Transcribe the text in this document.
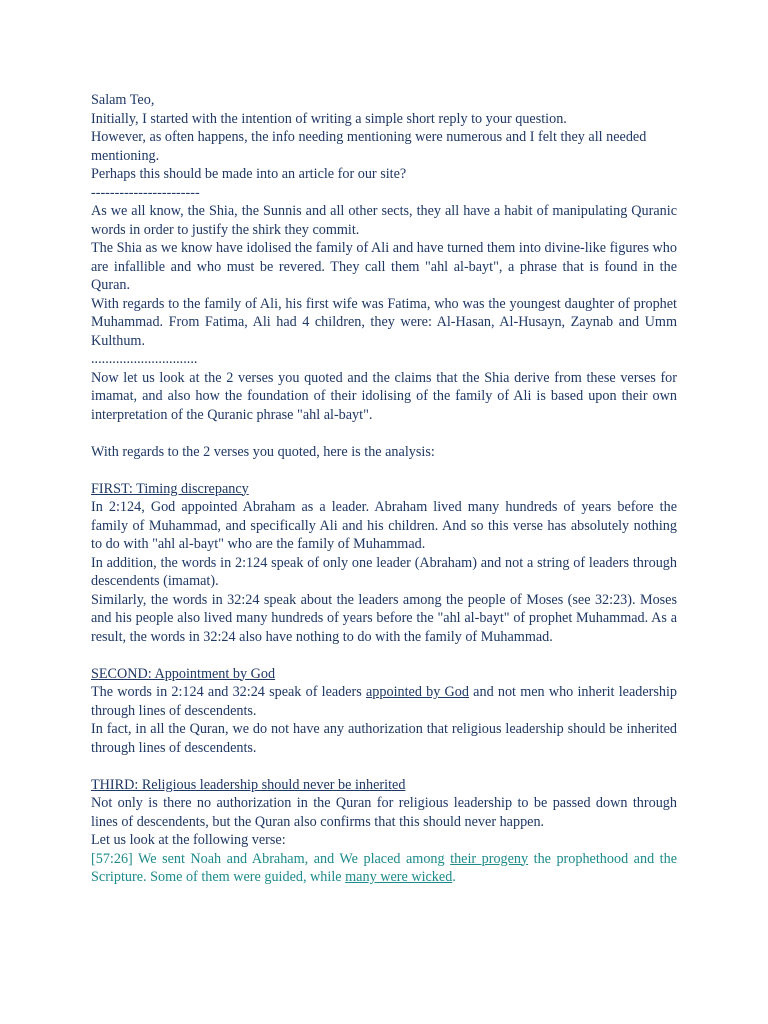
Salam Teo,

Initially, I started with the intention of writing a simple short reply to your question.

However, as often happens, the info needing mentioning were numerous and I felt they all needed mentioning.

Perhaps this should be made into an article for our site?

-----------------------

As we all know, the Shia, the Sunnis and all other sects, they all have a habit of manipulating Quranic words in order to justify the shirk they commit.

The Shia as we know have idolised the family of Ali and have turned them into divine-like figures who are infallible and who must be revered. They call them "ahl al-bayt", a phrase that is found in the Quran.

With regards to the family of Ali, his first wife was Fatima, who was the youngest daughter of prophet Muhammad. From Fatima, Ali had 4 children, they were: Al-Hasan, Al-Husayn, Zaynab and Umm Kulthum.

..............................

Now let us look at the 2 verses you quoted and the claims that the Shia derive from these verses for imamat, and also how the foundation of their idolising of the family of Ali is based upon their own interpretation of the Quranic phrase "ahl al-bayt".

With regards to the 2 verses you quoted, here is the analysis:

FIRST: Timing discrepancy

In 2:124, God appointed Abraham as a leader. Abraham lived many hundreds of years before the family of Muhammad, and specifically Ali and his children. And so this verse has absolutely nothing to do with "ahl al-bayt" who are the family of Muhammad.

In addition, the words in 2:124 speak of only one leader (Abraham) and not a string of leaders through descendents (imamat).

Similarly, the words in 32:24 speak about the leaders among the people of Moses (see 32:23). Moses and his people also lived many hundreds of years before the "ahl al-bayt" of prophet Muhammad. As a result, the words in 32:24 also have nothing to do with the family of Muhammad.

SECOND: Appointment by God

The words in 2:124 and 32:24 speak of leaders appointed by God and not men who inherit leadership through lines of descendents.

In fact, in all the Quran, we do not have any authorization that religious leadership should be inherited through lines of descendents.

THIRD: Religious leadership should never be inherited

Not only is there no authorization in the Quran for religious leadership to be passed down through lines of descendents, but the Quran also confirms that this should never happen.

Let us look at the following verse:

[57:26] We sent Noah and Abraham, and We placed among their progeny the prophethood and the Scripture. Some of them were guided, while many were wicked.
